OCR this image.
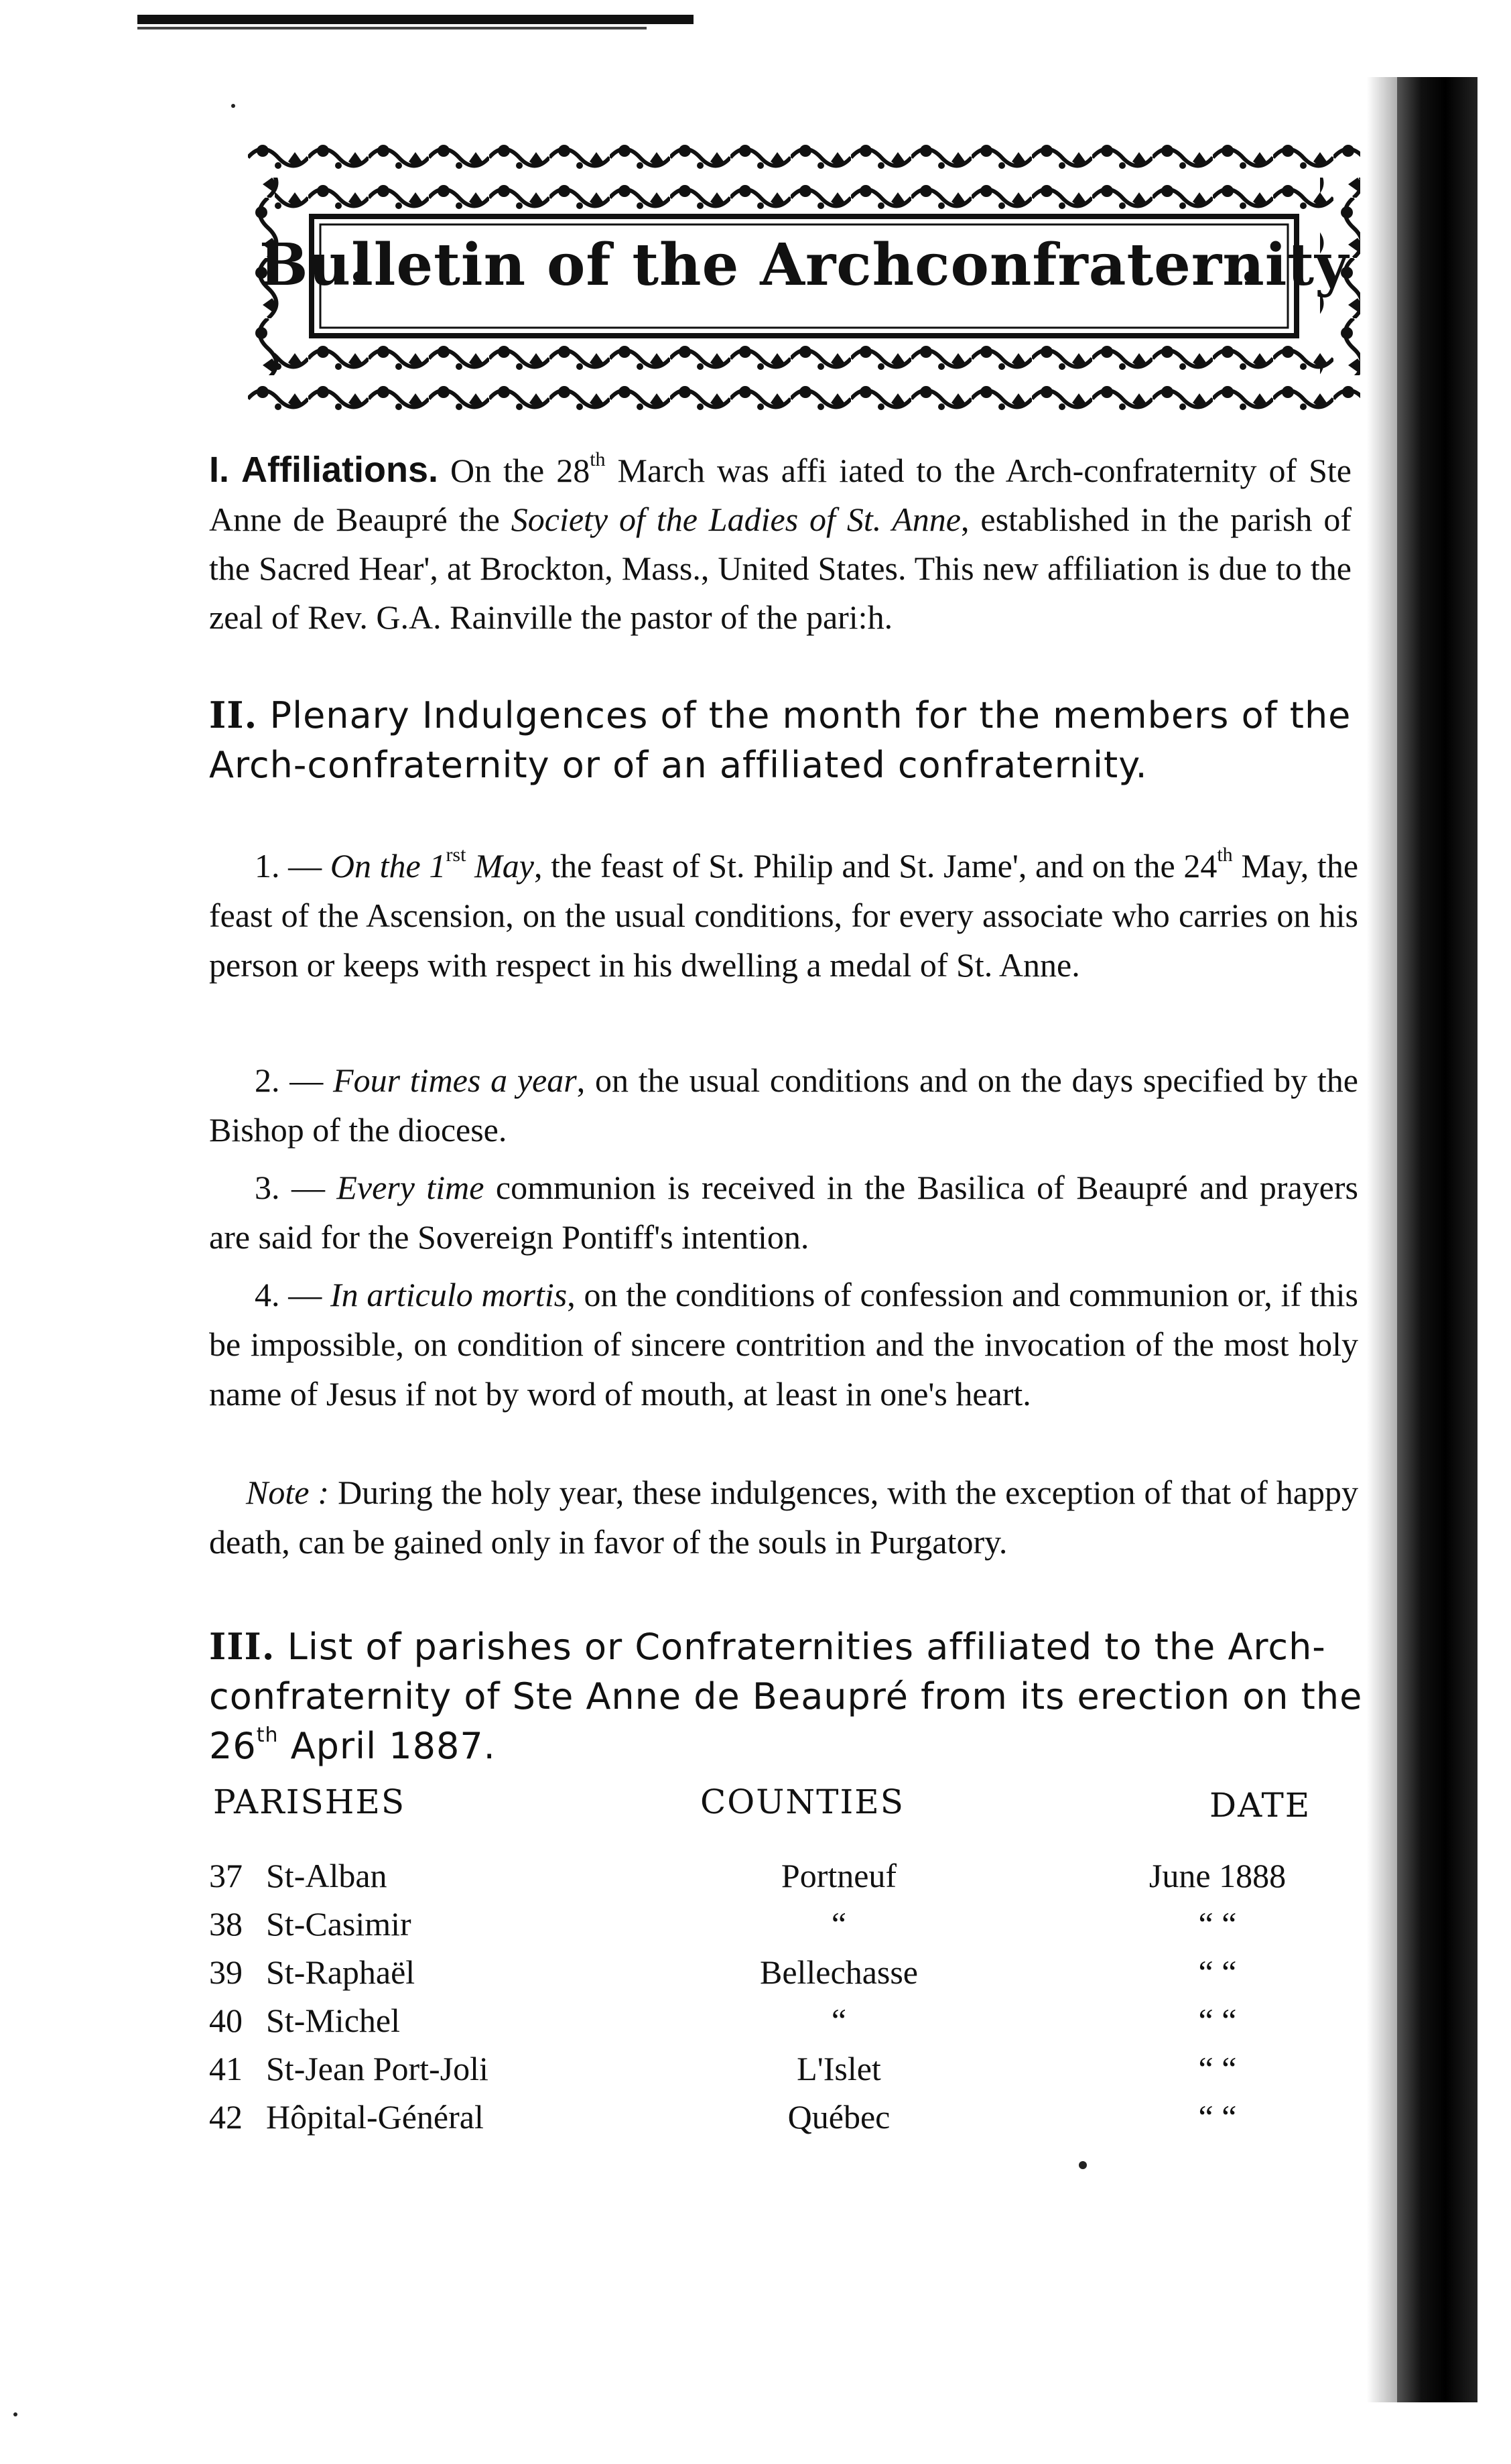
Bulletin of the Archconfraternity

I. Affiliations. On the 28th March was affi iated to the Arch-confraternity of Ste Anne de Beaupré the Society of the Ladies of St. Anne, established in the parish of the Sacred Hear', at Brockton, Mass., United States. This new affiliation is due to the zeal of Rev. G.A. Rainville the pastor of the pari:h.

II. Plenary Indulgences of the month for the members of the Arch-confraternity or of an affiliated confraternity.

1. — On the $1^{rst}$ May, the feast of St. Philip and St. Jame', and on the 24th May, the feast of the Ascension, on the usual conditions, for every associate who carries on his person or keeps with respect in his dwelling a medal of St. Anne.

2. — Four times a year, on the usual conditions and on the days specified by the Bishop of the diocese.

3. — Every time communion is received in the Basilica of Beaupré and prayers are said for the Sovereign Pontiff's intention.

4. — In articulo mortis, on the conditions of confession and communion or, if this be impossible, on condition of sincere contrition and the invocation of the most holy name of Jesus if not by word of mouth, at least in one's heart.

Note : During the holy year, these indulgences, with the exception of that of happy death, can be gained only in favor of the souls in Purgatory.

III. List of parishes or Confraternities affiliated to the Arch-confraternity of Ste Anne de Beaupré from its erection on the 26th April 1887.

PARISHES	COUNTIES	DATE
37 St-Alban	Portneuf	June 1888
38 St-Casimir	“	“ “
39 St-Raphaël	Bellechasse	“ “
40 St-Michel	“	“ “
41 St-Jean Port-Joli	L'Islet	“ “
42 Hôpital-Général	Québec	“ “
